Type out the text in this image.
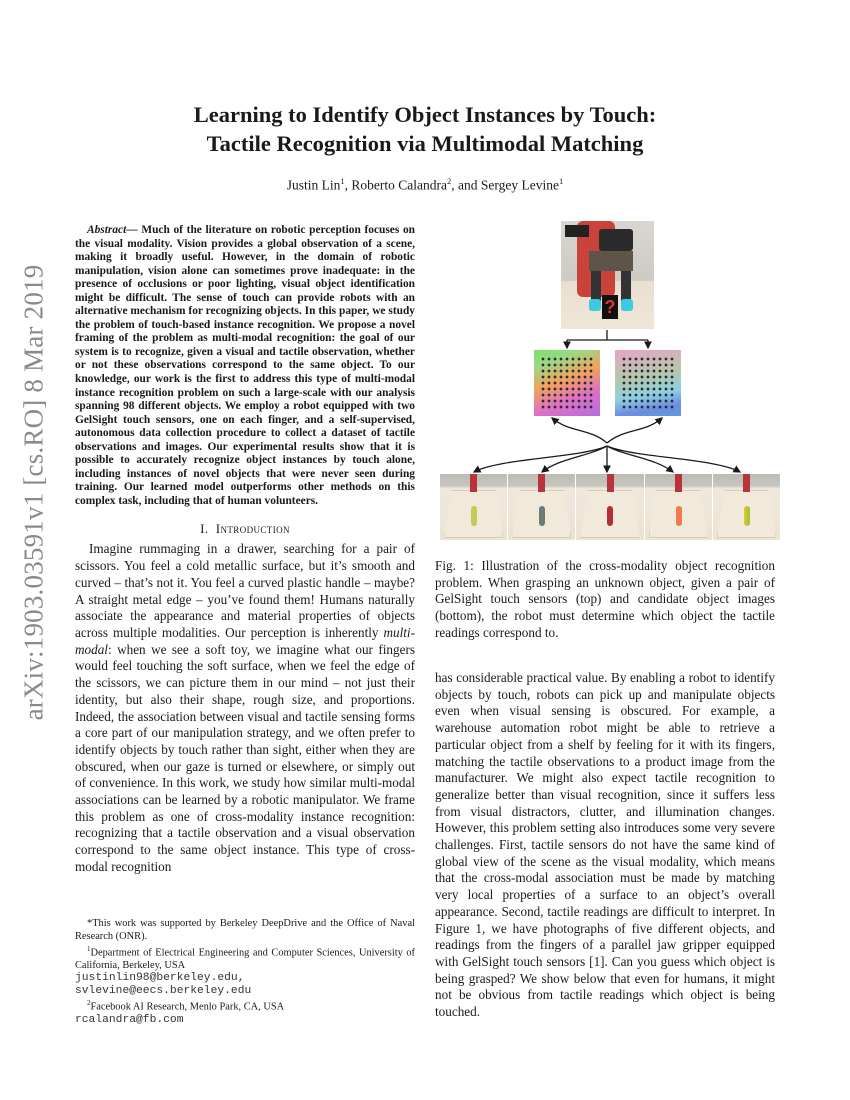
arXiv:1903.03591v1 [cs.RO] 8 Mar 2019
Learning to Identify Object Instances by Touch:
Tactile Recognition via Multimodal Matching
Justin Lin$^1$, Roberto Calandra$^2$, and Sergey Levine$^1$

Abstract— Much of the literature on robotic perception focuses on the visual modality. Vision provides a global observation of a scene, making it broadly useful. However, in the domain of robotic manipulation, vision alone can sometimes prove inadequate: in the presence of occlusions or poor lighting, visual object identification might be difficult. The sense of touch can provide robots with an alternative mechanism for recognizing objects. In this paper, we study the problem of touch-based instance recognition. We propose a novel framing of the problem as multi-modal recognition: the goal of our system is to recognize, given a visual and tactile observation, whether or not these observations correspond to the same object. To our knowledge, our work is the first to address this type of multi-modal instance recognition problem on such a large-scale with our analysis spanning 98 different objects. We employ a robot equipped with two GelSight touch sensors, one on each finger, and a self-supervised, autonomous data collection procedure to collect a dataset of tactile observations and images. Our experimental results show that it is possible to accurately recognize object instances by touch alone, including instances of novel objects that were never seen during training. Our learned model outperforms other methods on this complex task, including that of human volunteers.

I. Introduction

Imagine rummaging in a drawer, searching for a pair of scissors. You feel a cold metallic surface, but it’s smooth and curved – that’s not it. You feel a curved plastic handle – maybe? A straight metal edge – you’ve found them! Humans naturally associate the appearance and material properties of objects across multiple modalities. Our perception is inherently multi-modal: when we see a soft toy, we imagine what our fingers would feel touching the soft surface, when we feel the edge of the scissors, we can picture them in our mind – not just their identity, but also their shape, rough size, and proportions. Indeed, the association between visual and tactile sensing forms a core part of our manipulation strategy, and we often prefer to identify objects by touch rather than sight, either when they are obscured, when our gaze is turned or elsewhere, or simply out of convenience. In this work, we study how similar multi-modal associations can be learned by a robotic manipulator. We frame this problem as one of cross-modality instance recognition: recognizing that a tactile observation and a visual observation correspond to the same object instance. This type of cross-modal recognition

*This work was supported by Berkeley DeepDrive and the Office of Naval Research (ONR).

$^1$Department of Electrical Engineering and Computer Sciences, University of California, Berkeley, USA

justinlin98@berkeley.edu,

svlevine@eecs.berkeley.edu

$^2$Facebook AI Research, Menlo Park, CA, USA

rcalandra@fb.com

?

Fig. 1: Illustration of the cross-modality object recognition problem. When grasping an unknown object, given a pair of GelSight touch sensors (top) and candidate object images (bottom), the robot must determine which object the tactile readings correspond to.

has considerable practical value. By enabling a robot to identify objects by touch, robots can pick up and manipulate objects even when visual sensing is obscured. For example, a warehouse automation robot might be able to retrieve a particular object from a shelf by feeling for it with its fingers, matching the tactile observations to a product image from the manufacturer. We might also expect tactile recognition to generalize better than visual recognition, since it suffers less from visual distractors, clutter, and illumination changes. However, this problem setting also introduces some very severe challenges. First, tactile sensors do not have the same kind of global view of the scene as the visual modality, which means that the cross-modal association must be made by matching very local properties of a surface to an object’s overall appearance. Second, tactile readings are difficult to interpret. In Figure 1, we have photographs of five different objects, and readings from the fingers of a parallel jaw gripper equipped with GelSight touch sensors [1]. Can you guess which object is being grasped? We show below that even for humans, it might not be obvious from tactile readings which object is being touched.
